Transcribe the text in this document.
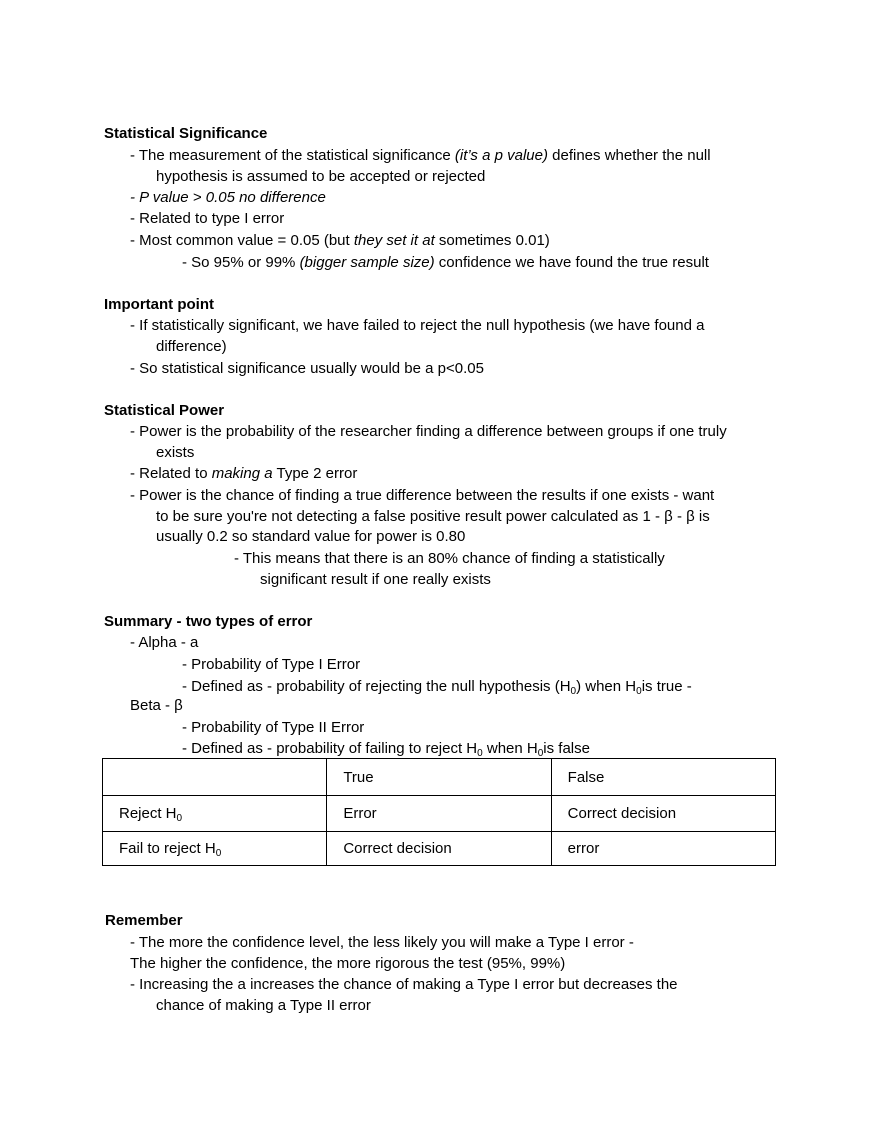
Statistical Significance
- The measurement of the statistical significance (it’s a p value) defines whether the null
hypothesis is assumed to be accepted or rejected
- P value > 0.05 no difference
- Related to type I error
- Most common value = 0.05 (but they set it at sometimes 0.01)
- So 95% or 99% (bigger sample size) confidence we have found the true result
Important point
- If statistically significant, we have failed to reject the null hypothesis (we have found a
difference)
- So statistical significance usually would be a p<0.05
Statistical Power
- Power is the probability of the researcher finding a difference between groups if one truly
exists
- Related to making a Type 2 error
- Power is the chance of finding a true difference between the results if one exists - want
to be sure you're not detecting a false positive result power calculated as 1 - β - β is
usually 0.2 so standard value for power is 0.80
- This means that there is an 80% chance of finding a statistically
significant result if one really exists
Summary - two types of error
- Alpha - a
- Probability of Type I Error
- Defined as - probability of rejecting the null hypothesis $(H_0)$ when $H_0is$ true -
Beta - β
- Probability of Type II Error
- Defined as - probability of failing to reject $H_0$ when $H_0is$ false
	True	False
Reject $H_0$	Error	Correct decision
Fail to reject $H_0$	Correct decision	error
Remember
- The more the confidence level, the less likely you will make a Type I error -
The higher the confidence, the more rigorous the test (95%, 99%)
- Increasing the a increases the chance of making a Type I error but decreases the
chance of making a Type II error
